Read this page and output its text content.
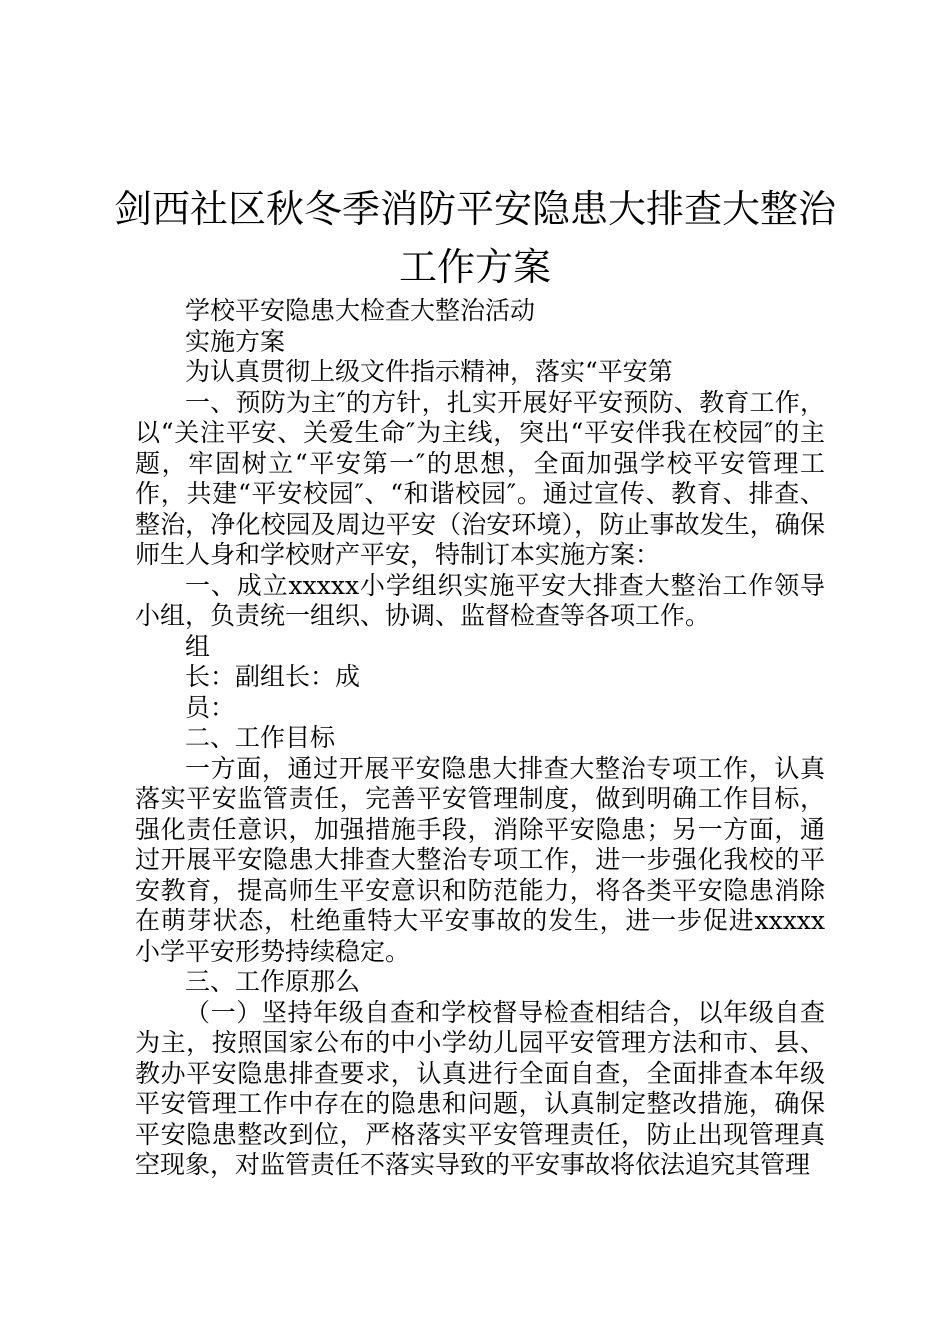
剑西社区秋冬季消防平安隐患大排查大整治
工作方案

学校平安隐患大检查大整治活动

实施方案

为认真贯彻上级文件指示精神，落实“平安第

一、预防为主″的方针，扎实开展好平安预防、教育工作，以“关注平安、关爱生命″为主线，突出“平安伴我在校园″的主题，牢固树立“平安第一″的思想，全面加强学校平安管理工作，共建“平安校园″、“和谐校园″。通过宣传、教育、排查、整治，净化校园及周边平安（治安环境），防止事故发生，确保师生人身和学校财产平安，特制订本实施方案：

一、成立xxxxx小学组织实施平安大排查大整治工作领导小组，负责统一组织、协调、监督检查等各项工作。

组

长：副组长：成

员：

二、工作目标

一方面，通过开展平安隐患大排查大整治专项工作，认真落实平安监管责任，完善平安管理制度，做到明确工作目标，强化责任意识，加强措施手段，消除平安隐患；另一方面，通过开展平安隐患大排查大整治专项工作，进一步强化我校的平安教育，提高师生平安意识和防范能力，将各类平安隐患消除在萌芽状态，杜绝重特大平安事故的发生，进一步促进xxxxx小学平安形势持续稳定。

三、工作原那么

（一）坚持年级自查和学校督导检查相结合，以年级自查为主，按照国家公布的中小学幼儿园平安管理方法和市、县、教办平安隐患排查要求，认真进行全面自查，全面排查本年级平安管理工作中存在的隐患和问题，认真制定整改措施，确保平安隐患整改到位，严格落实平安管理责任，防止出现管理真空现象，对监管责任不落实导致的平安事故将依法追究其管理
